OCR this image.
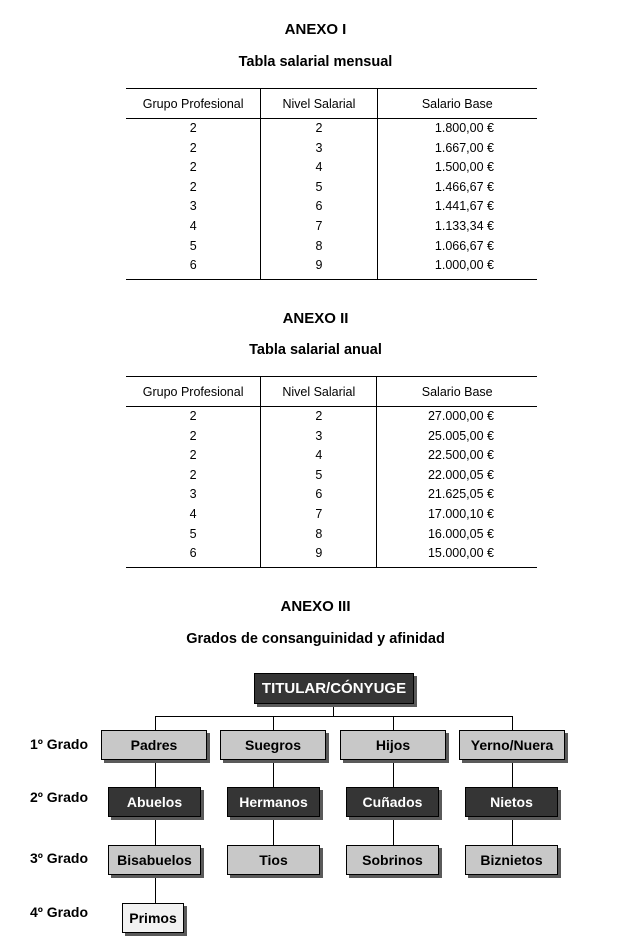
ANEXO I
Tabla salarial mensual
Grupo Profesional	Nivel Salarial	Salario Base
2	2	1.800,00 €
2	3	1.667,00 €
2	4	1.500,00 €
2	5	1.466,67 €
3	6	1.441,67 €
4	7	1.133,34 €
5	8	1.066,67 €
6	9	1.000,00 €
ANEXO II
Tabla salarial anual
Grupo Profesional	Nivel Salarial	Salario Base
2	2	27.000,00 €
2	3	25.005,00 €
2	4	22.500,00 €
2	5	22.000,05 €
3	6	21.625,05 €
4	7	17.000,10 €
5	8	16.000,05 €
6	9	15.000,00 €
ANEXO III
Grados de consanguinidad y afinidad
TITULAR/CÓNYUGE
1º Grado
2º Grado
3º Grado
4º Grado
Padres	Suegros	Hijos	Yerno/Nuera
Abuelos	Hermanos	Cuñados	Nietos
Bisabuelos	Tios	Sobrinos	Biznietos
Primos
